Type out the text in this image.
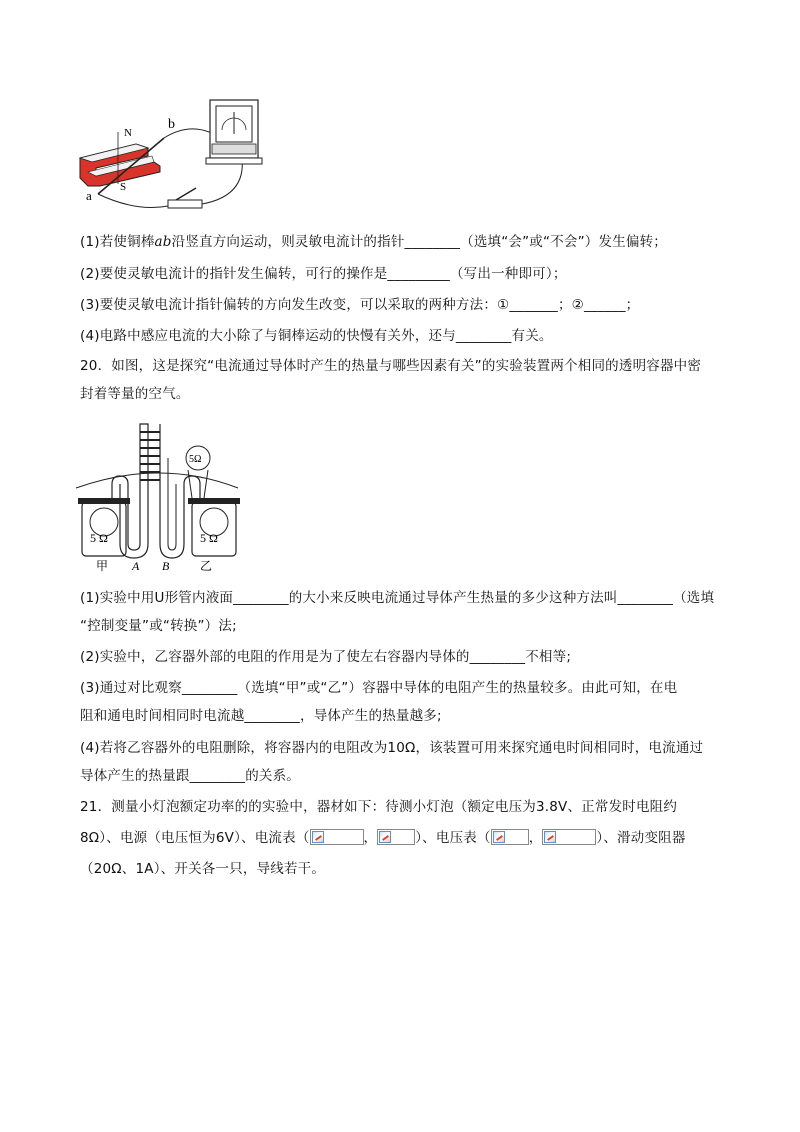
N
S
a
b
(1)若使铜棒ab沿竖直方向运动，则灵敏电流计的指针________（选填“会”或“不会”）发生偏转；
(2)要使灵敏电流计的指针发生偏转，可行的操作是_________（写出一种即可）；
(3)要使灵敏电流计指针偏转的方向发生改变，可以采取的两种方法：①_______；②______；
(4)电路中感应电流的大小除了与铜棒运动的快慢有关外，还与________有关。
20．如图，这是探究“电流通过导体时产生的热量与哪些因素有关”的实验装置两个相同的透明容器中密
封着等量的空气。
5Ω
5 Ω	5 Ω
甲 A B	乙
(1)实验中用U形管内液面________的大小来反映电流通过导体产生热量的多少这种方法叫________（选填
“控制变量”或“转换”）法;
(2)实验中，乙容器外部的电阻的作用是为了使左右容器内导体的________不相等;
(3)通过对比观察________（选填“甲”或“乙”）容器中导体的电阻产生的热量较多。由此可知，在电
阻和通电时间相同时电流越________，导体产生的热量越多;
(4)若将乙容器外的电阻删除，将容器内的电阻改为10Ω，该装置可用来探究通电时间相同时，电流通过
导体产生的热量跟________的关系。
21．测量小灯泡额定功率的的实验中，器材如下：待测小灯泡（额定电压为3.8V、正常发时电阻约
8Ω）、电源（电压恒为6V）、电流表（	，	）、电压表（	，	）、滑动变阻器
（20Ω、1A）、开关各一只，导线若干。
